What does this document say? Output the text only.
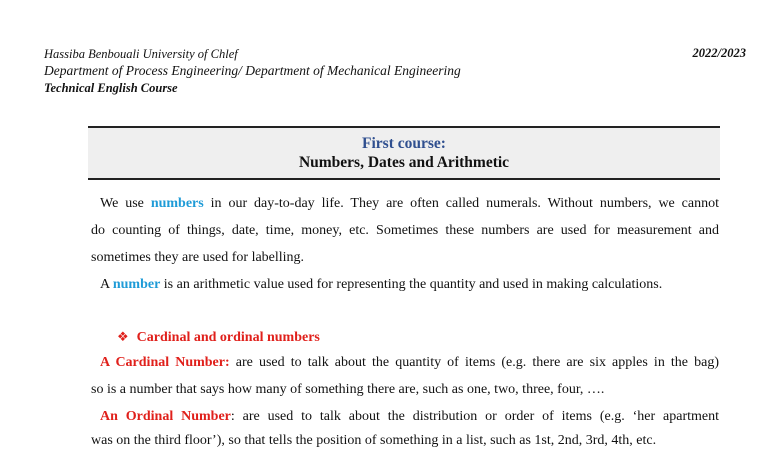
Hassiba Benbouali University of Chlef	2022/2023
Department of Process Engineering/ Department of Mechanical Engineering
Technical English Course
First course:
Numbers, Dates and Arithmetic
We use numbers in our day-to-day life. They are often called numerals. Without numbers, we cannot
do counting of things, date, time, money, etc. Sometimes these numbers are used for measurement and
sometimes they are used for labelling.
A number is an arithmetic value used for representing the quantity and used in making calculations.
❖ Cardinal and ordinal numbers
A Cardinal Number: are used to talk about the quantity of items (e.g. there are six apples in the bag)
so is a number that says how many of something there are, such as one, two, three, four, ….
An Ordinal Number: are used to talk about the distribution or order of items (e.g. ‘her apartment
was on the third floor’), so that tells the position of something in a list, such as 1st, 2nd, 3rd, 4th, etc.
